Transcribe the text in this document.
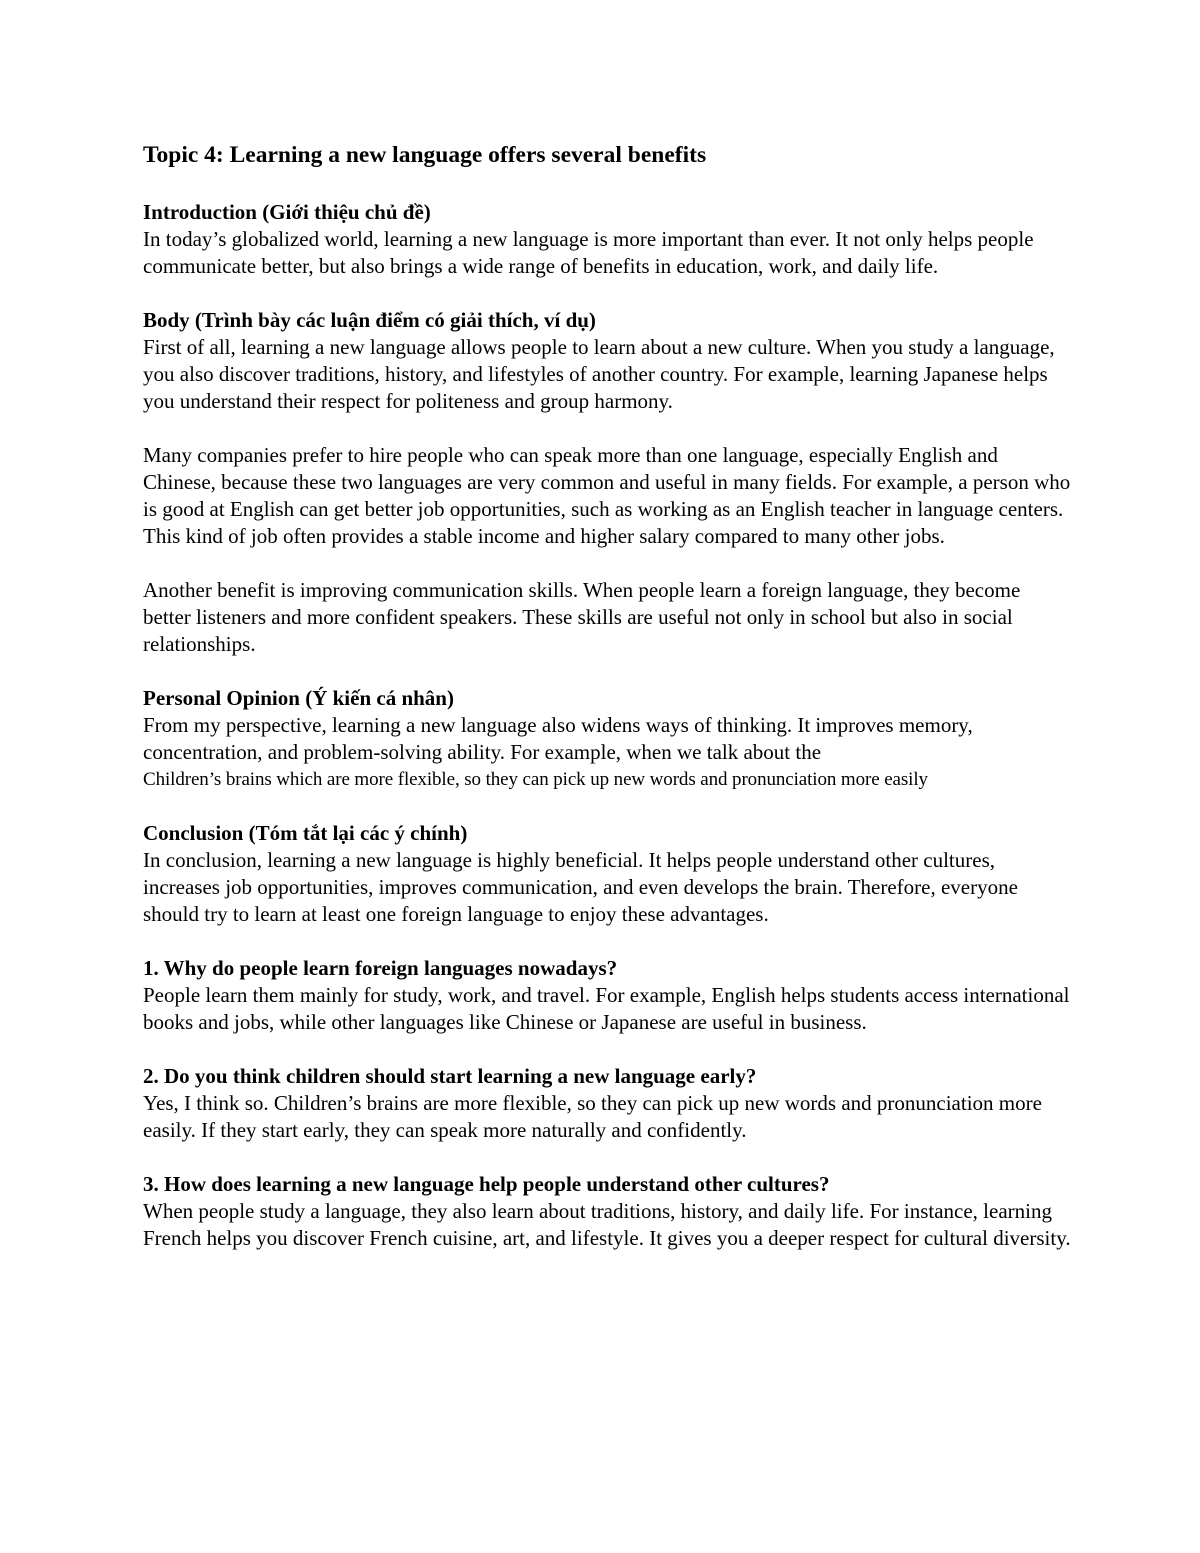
Topic 4: Learning a new language offers several benefits
Introduction (Giới thiệu chủ đề)

In today’s globalized world, learning a new language is more important than ever. It not only helps people communicate better, but also brings a wide range of benefits in education, work, and daily life.

Body (Trình bày các luận điểm có giải thích, ví dụ)

First of all, learning a new language allows people to learn about a new culture. When you study a language, you also discover traditions, history, and lifestyles of another country. For example, learning Japanese helps you understand their respect for politeness and group harmony.

Many companies prefer to hire people who can speak more than one language, especially English and Chinese, because these two languages are very common and useful in many fields. For example, a person who is good at English can get better job opportunities, such as working as an English teacher in language centers. This kind of job often provides a stable income and higher salary compared to many other jobs.

Another benefit is improving communication skills. When people learn a foreign language, they become better listeners and more confident speakers. These skills are useful not only in school but also in social relationships.

Personal Opinion (Ý kiến cá nhân)

From my perspective, learning a new language also widens ways of thinking. It improves memory, concentration, and problem-solving ability. For example, when we talk about the

Children’s brains which are more flexible, so they can pick up new words and pronunciation more easily

Conclusion (Tóm tắt lại các ý chính)

In conclusion, learning a new language is highly beneficial. It helps people understand other cultures, increases job opportunities, improves communication, and even develops the brain. Therefore, everyone should try to learn at least one foreign language to enjoy these advantages.

1. Why do people learn foreign languages nowadays?

People learn them mainly for study, work, and travel. For example, English helps students access international books and jobs, while other languages like Chinese or Japanese are useful in business.

2. Do you think children should start learning a new language early?

Yes, I think so. Children’s brains are more flexible, so they can pick up new words and pronunciation more easily. If they start early, they can speak more naturally and confidently.

3. How does learning a new language help people understand other cultures?

When people study a language, they also learn about traditions, history, and daily life. For instance, learning French helps you discover French cuisine, art, and lifestyle. It gives you a deeper respect for cultural diversity.
